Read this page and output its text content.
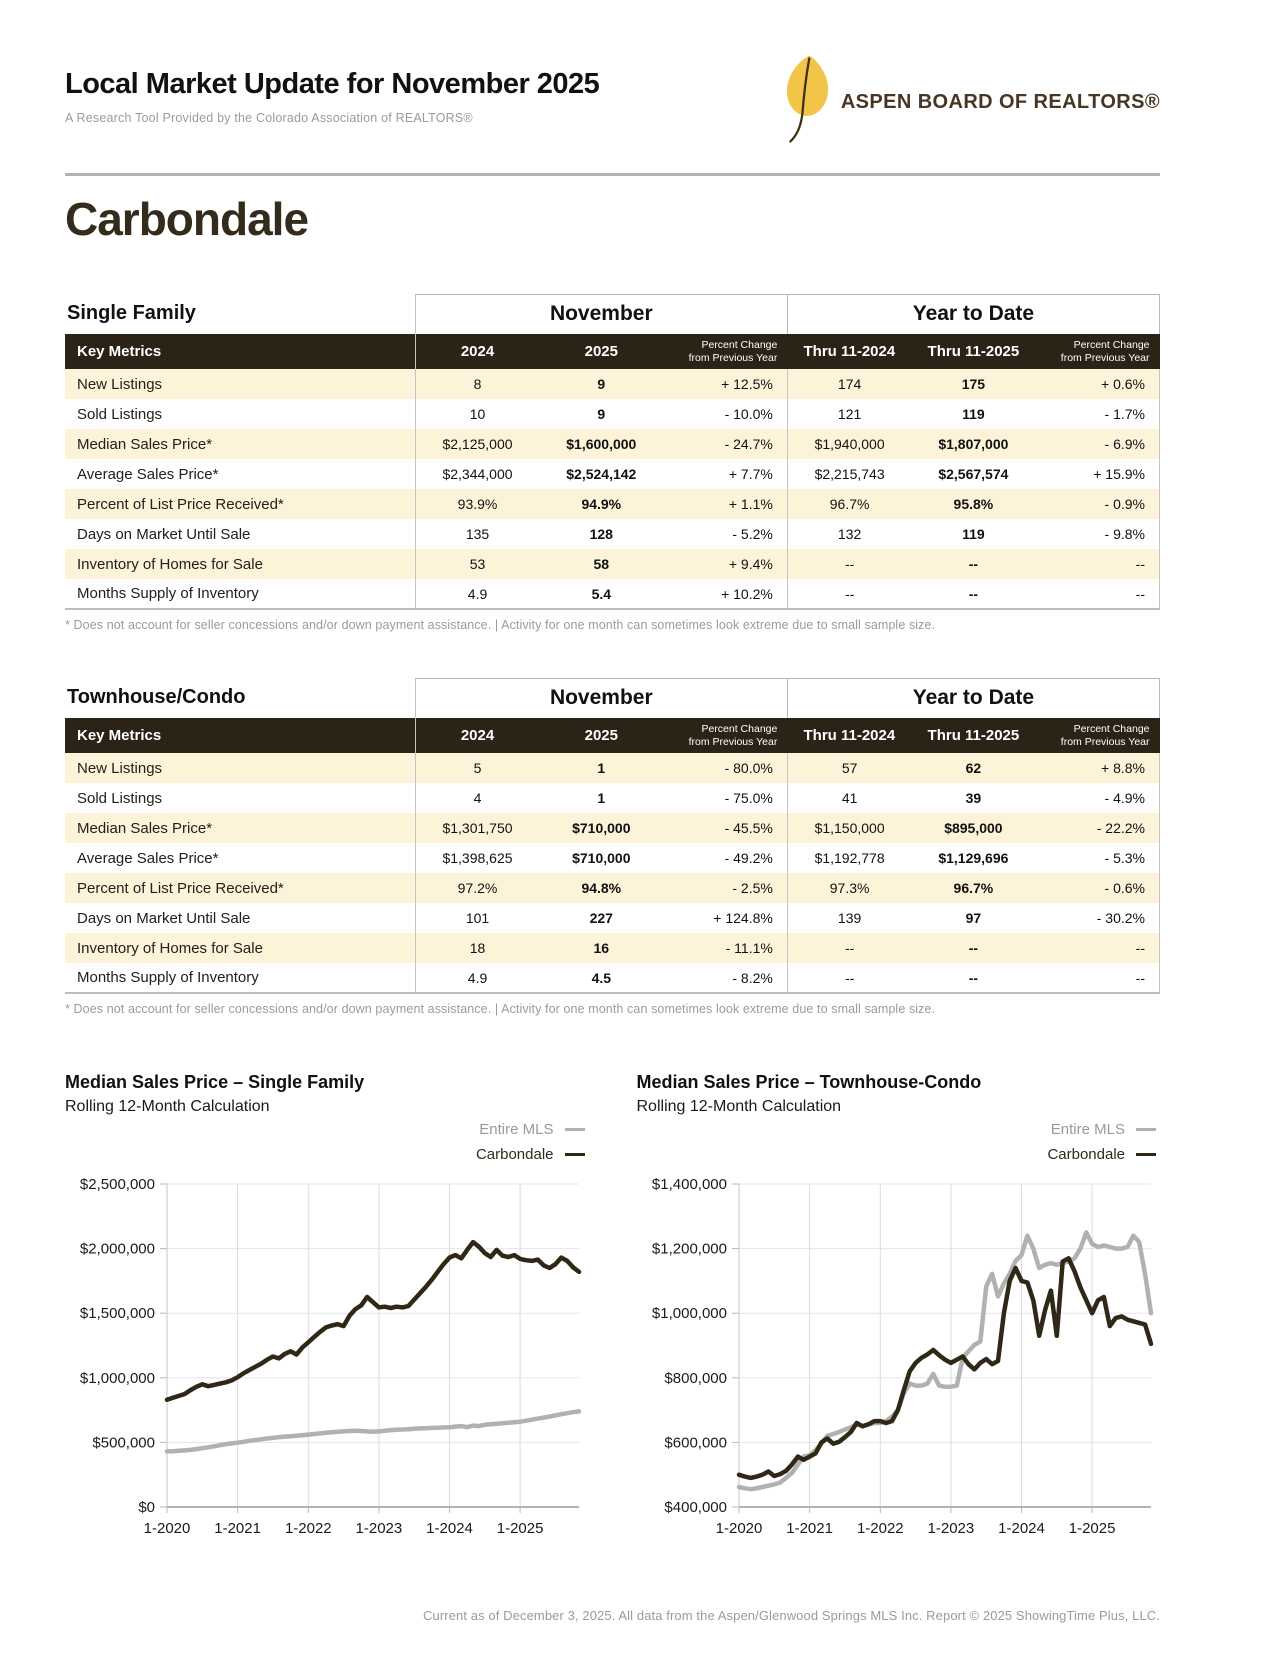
Local Market Update for November 2025
A Research Tool Provided by the Colorado Association of REALTORS®
ASPEN BOARD OF REALTORS®
Carbondale
Single Family	November			Year to Date		
Key Metrics	2024	2025	Percent Change
from Previous Year	Thru 11-2024	Thru 11-2025	Percent Change
from Previous Year
New Listings	8	9	+ 12.5%	174	175	+ 0.6%
Sold Listings	10	9	- 10.0%	121	119	- 1.7%
Median Sales Price*	$2,125,000	$1,600,000	- 24.7%	$1,940,000	$1,807,000	- 6.9%
Average Sales Price*	$2,344,000	$2,524,142	+ 7.7%	$2,215,743	$2,567,574	+ 15.9%
Percent of List Price Received*	93.9%	94.9%	+ 1.1%	96.7%	95.8%	- 0.9%
Days on Market Until Sale	135	128	- 5.2%	132	119	- 9.8%
Inventory of Homes for Sale	53	58	+ 9.4%	--	--	--
Months Supply of Inventory	4.9	5.4	+ 10.2%	--	--	--
* Does not account for seller concessions and/or down payment assistance. | Activity for one month can sometimes look extreme due to small sample size.
Townhouse/Condo	November			Year to Date		
Key Metrics	2024	2025	Percent Change
from Previous Year	Thru 11-2024	Thru 11-2025	Percent Change
from Previous Year
New Listings	5	1	- 80.0%	57	62	+ 8.8%
Sold Listings	4	1	- 75.0%	41	39	- 4.9%
Median Sales Price*	$1,301,750	$710,000	- 45.5%	$1,150,000	$895,000	- 22.2%
Average Sales Price*	$1,398,625	$710,000	- 49.2%	$1,192,778	$1,129,696	- 5.3%
Percent of List Price Received*	97.2%	94.8%	- 2.5%	97.3%	96.7%	- 0.6%
Days on Market Until Sale	101	227	+ 124.8%	139	97	- 30.2%
Inventory of Homes for Sale	18	16	- 11.1%	--	--	--
Months Supply of Inventory	4.9	4.5	- 8.2%	--	--	--
* Does not account for seller concessions and/or down payment assistance. | Activity for one month can sometimes look extreme due to small sample size.
Median Sales Price – Single Family
Rolling 12-Month Calculation
Entire MLS
Carbondale
$0
$500,000
$1,000,000
$1,500,000
$2,000,000
$2,500,000
1-2020 1-2021 1-2022 1-2023 1-2024 1-2025
Median Sales Price – Townhouse-Condo
Rolling 12-Month Calculation
Entire MLS
Carbondale
$400,000
$600,000
$800,000
$1,000,000
$1,200,000
$1,400,000
1-2020 1-2021 1-2022 1-2023 1-2024 1-2025
Current as of December 3, 2025. All data from the Aspen/Glenwood Springs MLS Inc. Report © 2025 ShowingTime Plus, LLC.
